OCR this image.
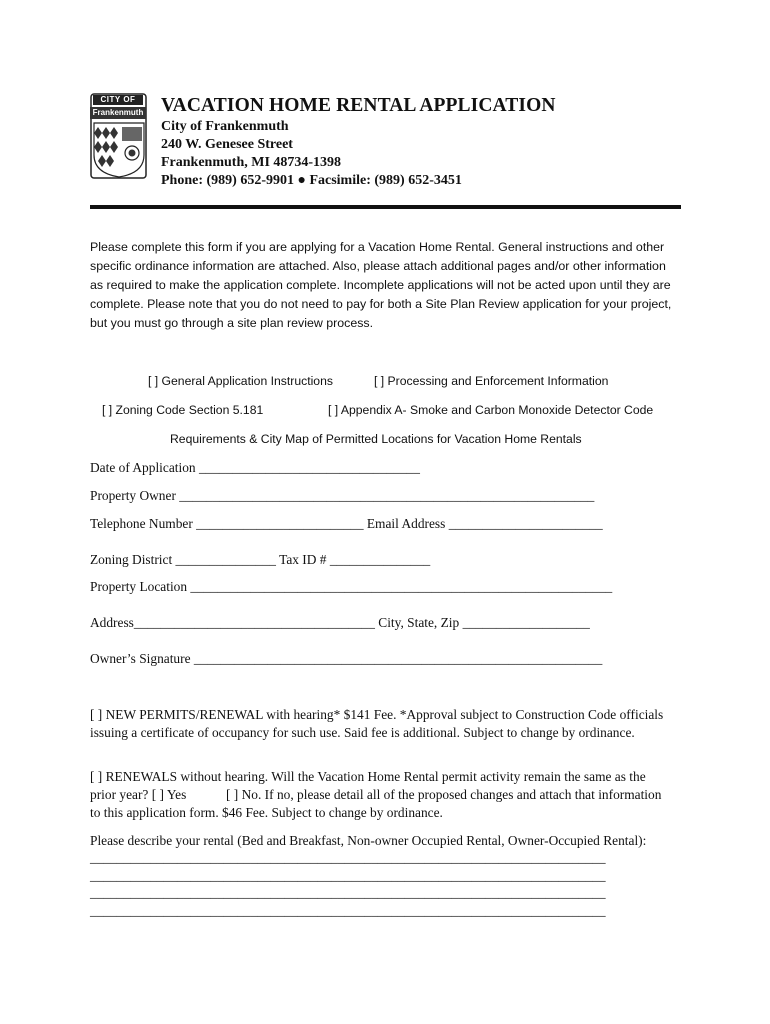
CITY OF
Frankenmuth VACATION HOME RENTAL APPLICATION
City of Frankenmuth
240 W. Genesee Street
Frankenmuth, MI 48734-1398
Phone: (989) 652-9901 ● Facsimile: (989) 652-3451
Please complete this form if you are applying for a Vacation Home Rental. General instructions and other specific ordinance information are attached. Also, please attach additional pages and/or other information as required to make the application complete. Incomplete applications will not be acted upon until they are complete. Please note that you do not need to pay for both a Site Plan Review application for your project, but you must go through a site plan review process.
[ ] General Application Instructions	[ ] Processing and Enforcement Information
[ ] Zoning Code Section 5.181	[ ] Appendix A- Smoke and Carbon Monoxide Detector Code
Requirements & City Map of Permitted Locations for Vacation Home Rentals
Date of Application _________________________________
Property Owner ______________________________________________________________
Telephone Number _________________________ Email Address _______________________
Zoning District _______________ Tax ID # _______________
Property Location _______________________________________________________________
Address____________________________________ City, State, Zip ___________________
Owner’s Signature _____________________________________________________________
[ ] NEW PERMITS/RENEWAL with hearing* $141 Fee. *Approval subject to Construction Code officials issuing a certificate of occupancy for such use. Said fee is additional. Subject to change by ordinance.
[ ] RENEWALS without hearing. Will the Vacation Home Rental permit activity remain the same as the
prior year? [ ] Yes	[ ] No. If no, please detail all of the proposed changes and attach that information
to this application form. $46 Fee. Subject to change by ordinance.
Please describe your rental (Bed and Breakfast, Non-owner Occupied Rental, Owner-Occupied Rental):
_____________________________________________________________________________
_____________________________________________________________________________
_____________________________________________________________________________
_____________________________________________________________________________
